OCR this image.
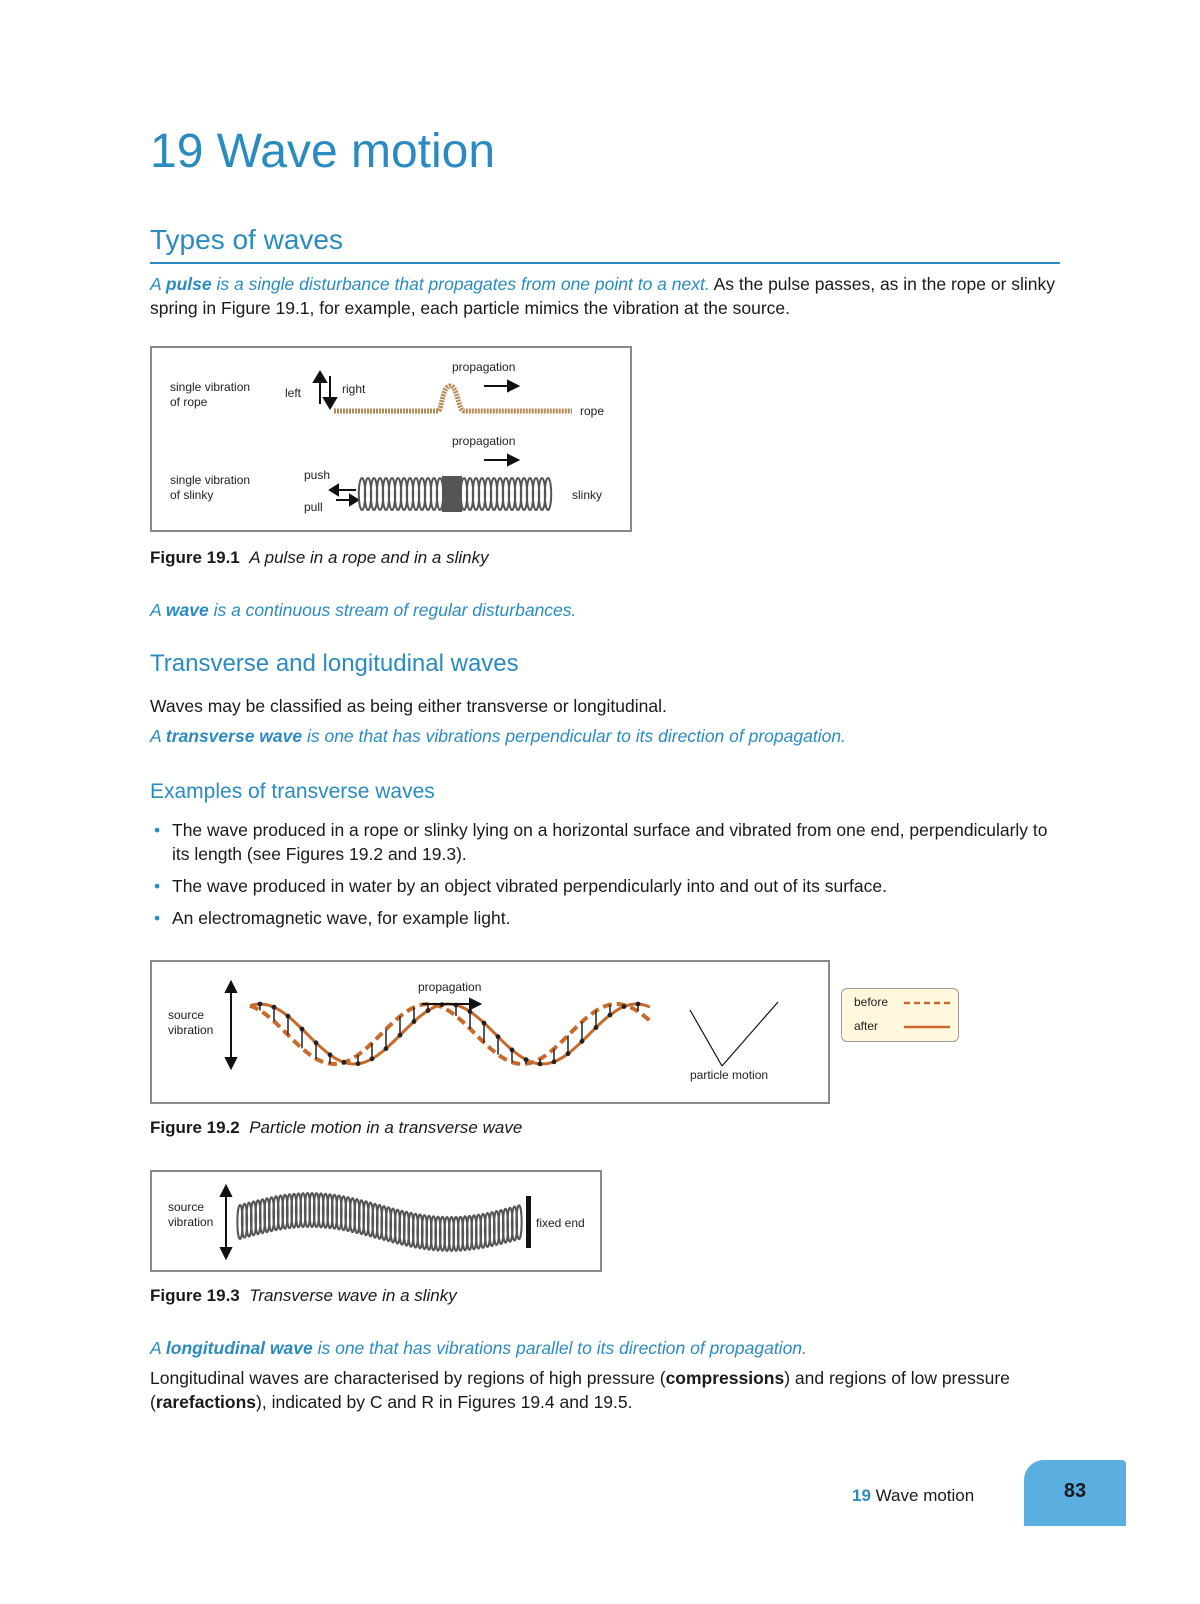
19 Wave motion
Types of waves

A pulse is a single disturbance that propagates from one point to a next. As the pulse passes, as in the rope or slinky spring in Figure 19.1, for example, each particle mimics the vibration at the source.

single vibration of rope
left	right
propagation
rope
propagation
single vibration of slinky
push
pull
slinky

Figure 19.1 A pulse in a rope and in a slinky

A wave is a continuous stream of regular disturbances.

Transverse and longitudinal waves

Waves may be classified as being either transverse or longitudinal.

A transverse wave is one that has vibrations perpendicular to its direction of propagation.

Examples of transverse waves
• The wave produced in a rope or slinky lying on a horizontal surface and vibrated from one end, perpendicularly to its length (see Figures 19.2 and 19.3).
• The wave produced in water by an object vibrated perpendicularly into and out of its surface.
• An electromagnetic wave, for example light.
source vibration
propagation
particle motion
before
after

Figure 19.2 Particle motion in a transverse wave

source vibration	fixed end

Figure 19.3 Transverse wave in a slinky

A longitudinal wave is one that has vibrations parallel to its direction of propagation.

Longitudinal waves are characterised by regions of high pressure (compressions) and regions of low pressure (rarefactions), indicated by C and R in Figures 19.4 and 19.5.

19 Wave motion	83
